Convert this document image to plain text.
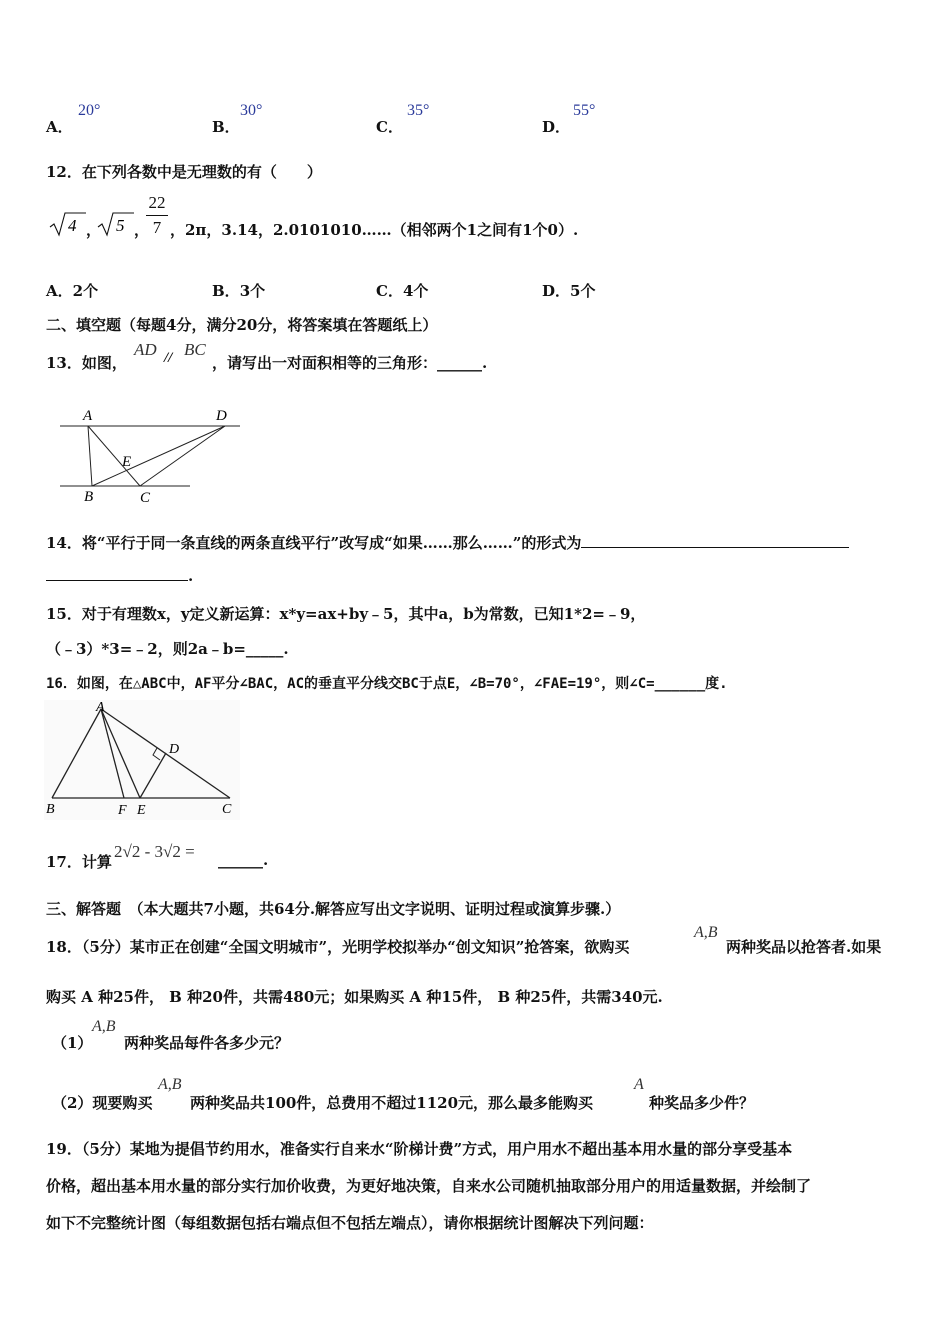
A．
20°
B．
30°
C．
35°
D．
55°
12．在下列各数中是无理数的有（　　）
4 5
， ，
22
7 ，2π，3.14，2.0101010……（相邻两个1之间有1个0）.
A．2个	B．3个	C．4个	D．5个
二、填空题（每题4分，满分20分，将答案填在答题纸上）
13．如图，
AD // BC
，请写出一对面积相等的三角形：______.
A	D
E
B	C
14．将“平行于同一条直线的两条直线平行”改写成“如果……那么……”的形式为
.
15．对于有理数x，y定义新运算：x*y=ax+by﹣5，其中a，b为常数，已知1*2=﹣9，
（﹣3）*3=﹣2，则2a﹣b=_____.
16．如图，在△ABC中，AF平分∠BAC，AC的垂直平分线交BC于点E，∠B=70°，∠FAE=19°，则∠C=______度.
A
D
B	F E	C
17．计算
2√2 - 3√2 = ______.
三、解答题　（本大题共7小题，共64分.解答应写出文字说明、证明过程或演算步骤.）
18．（5分）某市正在创建“全国文明城市”，光明学校拟举办“创文知识”抢答案，欲购买
A,B
两种奖品以抢答者.如果
购买 A 种25件， B 种20件，共需480元；如果购买 A 种15件， B 种25件，共需340元.
（1）
A,B
两种奖品每件各多少元？
（2）现要购买
A,B
两种奖品共100件，总费用不超过1120元，那么最多能购买
A
种奖品多少件？
19．（5分）某地为提倡节约用水，准备实行自来水“阶梯计费”方式，用户用水不超出基本用水量的部分享受基本
价格，超出基本用水量的部分实行加价收费，为更好地决策，自来水公司随机抽取部分用户的用适量数据，并绘制了
如下不完整统计图（每组数据包括右端点但不包括左端点），请你根据统计图解决下列问题：
